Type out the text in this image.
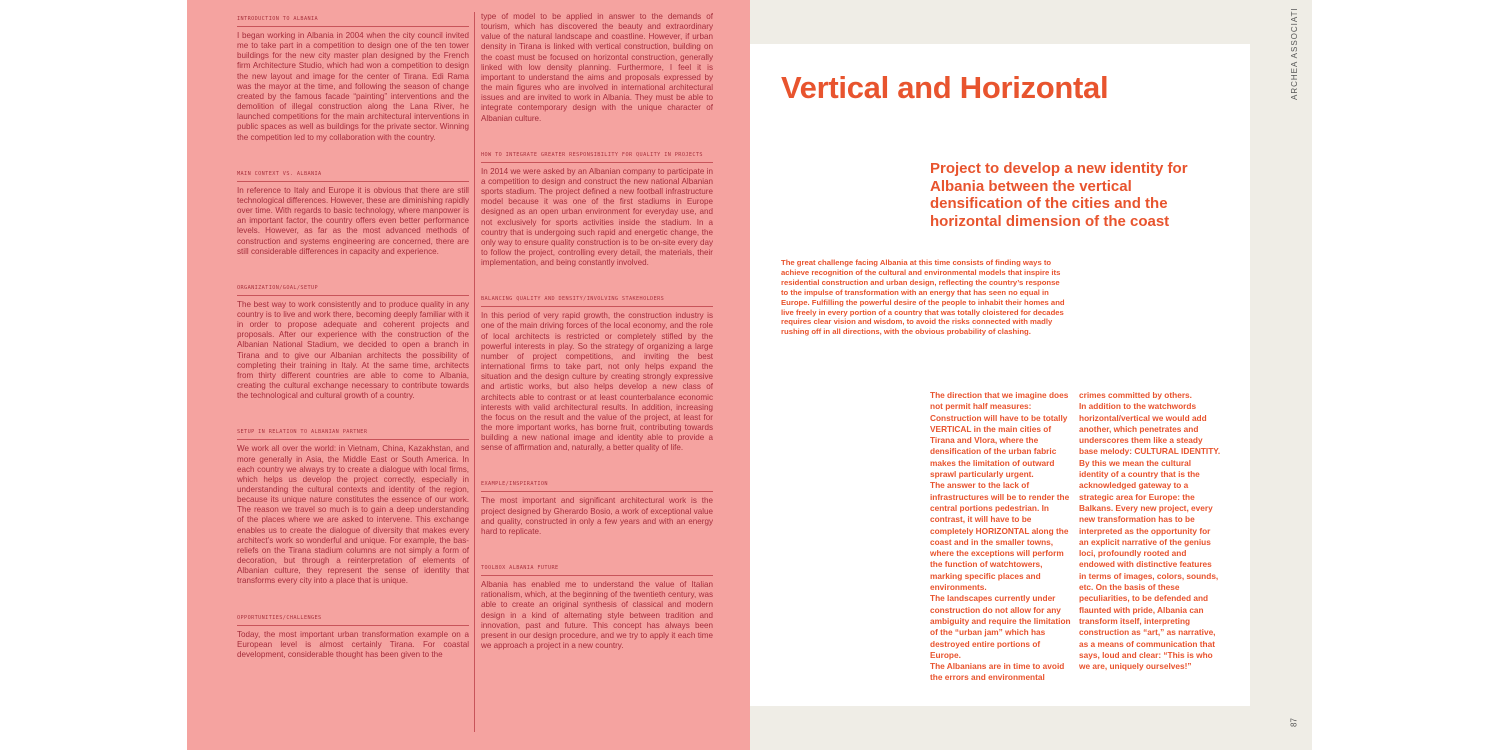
INTRODUCTION TO ALBANIA

I began working in Albania in 2004 when the city council invited me to take part in a competition to design one of the ten tower buildings for the new city master plan designed by the French firm Architecture Studio, which had won a competition to design the new layout and image for the center of Tirana. Edi Rama was the mayor at the time, and following the season of change created by the famous facade “painting” interventions and the demolition of illegal construction along the Lana River, he launched competitions for the main architectural interventions in public spaces as well as buildings for the private sector. Winning the competition led to my collaboration with the country.

MAIN CONTEXT VS. ALBANIA

In reference to Italy and Europe it is obvious that there are still technological differences. However, these are diminishing rapidly over time. With regards to basic technology, where manpower is an important factor, the country offers even better performance levels. However, as far as the most advanced methods of construction and systems engineering are concerned, there are still considerable differences in capacity and experience.

ORGANIZATION/GOAL/SETUP

The best way to work consistently and to produce quality in any country is to live and work there, becoming deeply familiar with it in order to propose adequate and coherent projects and proposals. After our experience with the construction of the Albanian National Stadium, we decided to open a branch in Tirana and to give our Albanian architects the possibility of completing their training in Italy. At the same time, architects from thirty different countries are able to come to Albania, creating the cultural exchange necessary to contribute towards the technological and cultural growth of a country.

SETUP IN RELATION TO ALBANIAN PARTNER

We work all over the world: in Vietnam, China, Kazakhstan, and more generally in Asia, the Middle East or South America. In each country we always try to create a dialogue with local firms, which helps us develop the project correctly, especially in understanding the cultural contexts and identity of the region, because its unique nature constitutes the essence of our work. The reason we travel so much is to gain a deep understanding of the places where we are asked to intervene. This exchange enables us to create the dialogue of diversity that makes every architect’s work so wonderful and unique. For example, the bas-reliefs on the Tirana stadium columns are not simply a form of decoration, but through a reinterpretation of elements of Albanian culture, they represent the sense of identity that transforms every city into a place that is unique.

OPPORTUNITIES/CHALLENGES

Today, the most important urban transformation example on a European level is almost certainly Tirana. For coastal development, considerable thought has been given to the

type of model to be applied in answer to the demands of tourism, which has discovered the beauty and extraordinary value of the natural landscape and coastline. However, if urban density in Tirana is linked with vertical construction, building on the coast must be focused on horizontal construction, generally linked with low density planning. Furthermore, I feel it is important to understand the aims and proposals expressed by the main figures who are involved in international architectural issues and are invited to work in Albania. They must be able to integrate contemporary design with the unique character of Albanian culture.

HOW TO INTEGRATE GREATER RESPONSIBILITY FOR QUALITY IN PROJECTS

In 2014 we were asked by an Albanian company to participate in a competition to design and construct the new national Albanian sports stadium. The project defined a new football infrastructure model because it was one of the first stadiums in Europe designed as an open urban environment for everyday use, and not exclusively for sports activities inside the stadium. In a country that is undergoing such rapid and energetic change, the only way to ensure quality construction is to be on-site every day to follow the project, controlling every detail, the materials, their implementation, and being constantly involved.

BALANCING QUALITY AND DENSITY/INVOLVING STAKEHOLDERS

In this period of very rapid growth, the construction industry is one of the main driving forces of the local economy, and the role of local architects is restricted or completely stifled by the powerful interests in play. So the strategy of organizing a large number of project competitions, and inviting the best international firms to take part, not only helps expand the situation and the design culture by creating strongly expressive and artistic works, but also helps develop a new class of architects able to contrast or at least counterbalance economic interests with valid architectural results. In addition, increasing the focus on the result and the value of the project, at least for the more important works, has borne fruit, contributing towards building a new national image and identity able to provide a sense of affirmation and, naturally, a better quality of life.

EXAMPLE/INSPIRATION

The most important and significant architectural work is the project designed by Gherardo Bosio, a work of exceptional value and quality, constructed in only a few years and with an energy hard to replicate.

TOOLBOX ALBANIA FUTURE

Albania has enabled me to understand the value of Italian rationalism, which, at the beginning of the twentieth century, was able to create an original synthesis of classical and modern design in a kind of alternating style between tradition and innovation, past and future. This concept has always been present in our design procedure, and we try to apply it each time we approach a project in a new country.

Vertical and Horizontal
Project to develop a new identity for Albania between the vertical densification of the cities and the horizontal dimension of the coast

The great challenge facing Albania at this time consists of finding ways to achieve recognition of the cultural and environmental models that inspire its residential construction and urban design, reflecting the country’s response to the impulse of transformation with an energy that has seen no equal in Europe. Fulfilling the powerful desire of the people to inhabit their homes and live freely in every portion of a country that was totally cloistered for decades requires clear vision and wisdom, to avoid the risks connected with madly rushing off in all directions, with the obvious probability of clashing.

The direction that we imagine does not permit half measures: Construction will have to be totally VERTICAL in the main cities of Tirana and Vlora, where the densification of the urban fabric makes the limitation of outward sprawl particularly urgent.

The answer to the lack of infrastructures will be to render the central portions pedestrian. In contrast, it will have to be completely HORIZONTAL along the coast and in the smaller towns, where the exceptions will perform the function of watchtowers, marking specific places and environments.

The landscapes currently under construction do not allow for any ambiguity and require the limitation of the “urban jam” which has destroyed entire portions of Europe.

The Albanians are in time to avoid the errors and environmental

crimes committed by others.

In addition to the watchwords horizontal/vertical we would add another, which penetrates and underscores them like a steady base melody: CULTURAL IDENTITY. By this we mean the cultural identity of a country that is the acknowledged gateway to a strategic area for Europe: the Balkans. Every new project, every new transformation has to be interpreted as the opportunity for an explicit narrative of the genius loci, profoundly rooted and endowed with distinctive features in terms of images, colors, sounds, etc. On the basis of these peculiarities, to be defended and flaunted with pride, Albania can transform itself, interpreting construction as “art,” as narrative, as a means of communication that says, loud and clear: “This is who we are, uniquely ourselves!”

ARCHEA ASSOCIATI
87
